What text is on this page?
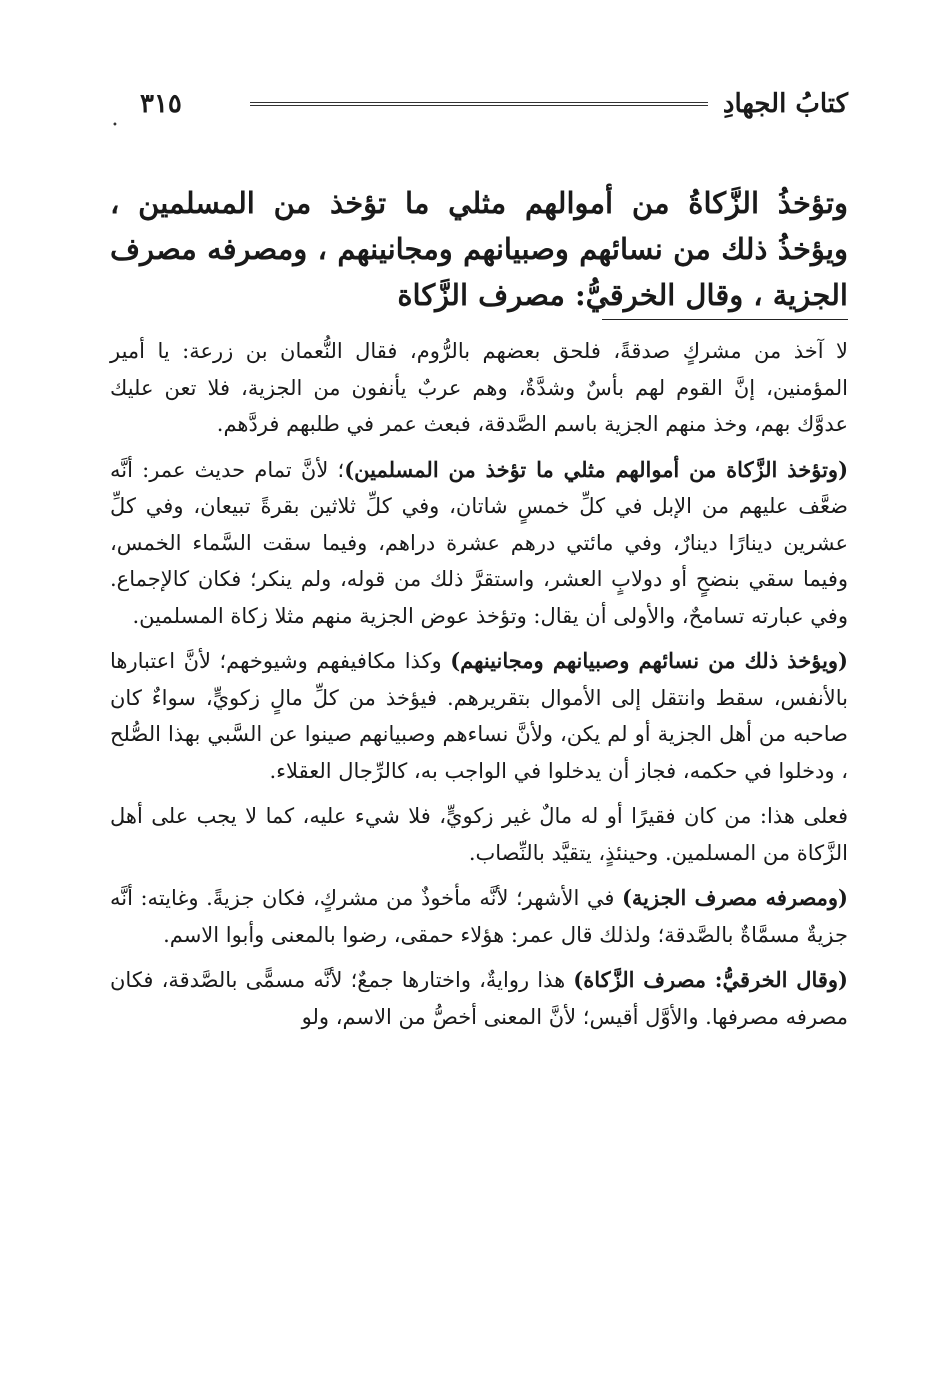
كتابُ الجهادِ
٣١٥
•
وتؤخذُ الزَّكاةُ من أموالهم مثلي ما تؤخذ من المسلمين ، ويؤخذُ ذلك من نسائهم وصبيانهم ومجانينهم ، ومصرفه مصرف الجزية ، وقال الخرقيُّ: مصرف الزَّكاة

لا آخذ من مشركٍ صدقةً، فلحق بعضهم بالرُّوم، فقال النُّعمان بن زرعة: يا أمير المؤمنين، إنَّ القوم لهم بأسٌ وشدَّةٌ، وهم عربٌ يأنفون من الجزية، فلا تعن عليك عدوَّك بهم، وخذ منهم الجزية باسم الصَّدقة، فبعث عمر في طلبهم فردَّهم.

(وتؤخذ الزَّكاة من أموالهم مثلي ما تؤخذ من المسلمين)؛ لأنَّ تمام حديث عمر: أنَّه ضعَّف عليهم من الإبل في كلِّ خمسٍ شاتان، وفي كلِّ ثلاثين بقرةً تبيعان، وفي كلِّ عشرين دينارًا دينارٌ، وفي مائتي درهم عشرة دراهم، وفيما سقت السَّماء الخمس، وفيما سقي بنضحٍ أو دولابٍ العشر، واستقرَّ ذلك من قوله، ولم ينكر؛ فكان كالإجماع. وفي عبارته تسامحٌ، والأولى أن يقال: وتؤخذ عوض الجزية منهم مثلا زكاة المسلمين.

(ويؤخذ ذلك من نسائهم وصبيانهم ومجانينهم) وكذا مكافيفهم وشيوخهم؛ لأنَّ اعتبارها بالأنفس، سقط وانتقل إلى الأموال بتقريرهم. فيؤخذ من كلِّ مالٍ زكويٍّ، سواءٌ كان صاحبه من أهل الجزية أو لم يكن، ولأنَّ نساءهم وصبيانهم صينوا عن السَّبي بهذا الصُّلح ، ودخلوا في حكمه، فجاز أن يدخلوا في الواجب به، كالرِّجال العقلاء.

فعلى هذا: من كان فقيرًا أو له مالٌ غير زكويٍّ، فلا شيء عليه، كما لا يجب على أهل الزَّكاة من المسلمين. وحينئذٍ، يتقيَّد بالنِّصاب.

(ومصرفه مصرف الجزية) في الأشهر؛ لأنَّه مأخوذٌ من مشركٍ، فكان جزيةً. وغايته: أنَّه جزيةٌ مسمَّاةٌ بالصَّدقة؛ ولذلك قال عمر: هؤلاء حمقى، رضوا بالمعنى وأبوا الاسم.

(وقال الخرقيُّ: مصرف الزَّكاة) هذا روايةٌ، واختارها جمعٌ؛ لأنَّه مسمًّى بالصَّدقة، فكان مصرفه مصرفها. والأوَّل أقيس؛ لأنَّ المعنى أخصُّ من الاسم، ولو
